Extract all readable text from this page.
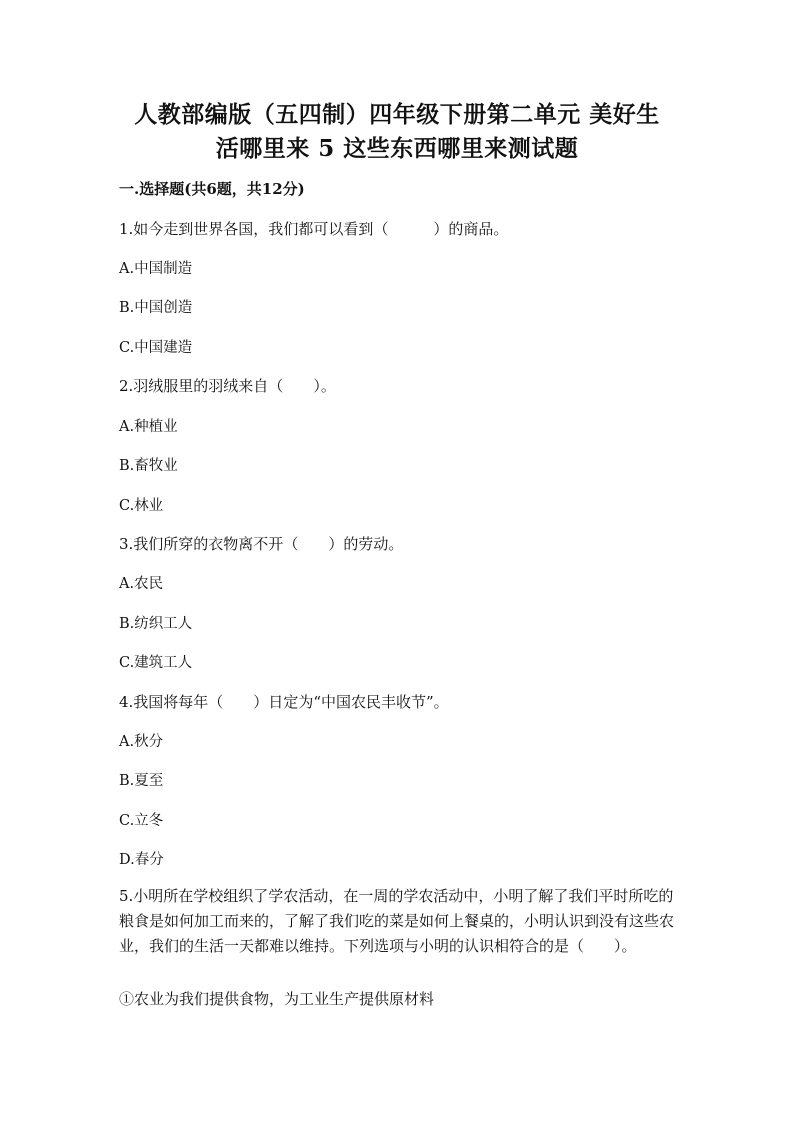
人教部编版（五四制）四年级下册第二单元 美好生
活哪里来 5 这些东西哪里来测试题
一.选择题(共6题，共12分)

1.如今走到世界各国，我们都可以看到（　　　）的商品。

A.中国制造

B.中国创造

C.中国建造

2.羽绒服里的羽绒来自（　　）。

A.种植业

B.畜牧业

C.林业

3.我们所穿的衣物离不开（　　）的劳动。

A.农民

B.纺织工人

C.建筑工人

4.我国将每年（　　）日定为“中国农民丰收节”。

A.秋分

B.夏至

C.立冬

D.春分

5.小明所在学校组织了学农活动，在一周的学农活动中，小明了解了我们平时所吃的粮食是如何加工而来的，了解了我们吃的菜是如何上餐桌的，小明认识到没有这些农业，我们的生活一天都难以维持。下列选项与小明的认识相符合的是（　　）。

①农业为我们提供食物，为工业生产提供原材料
